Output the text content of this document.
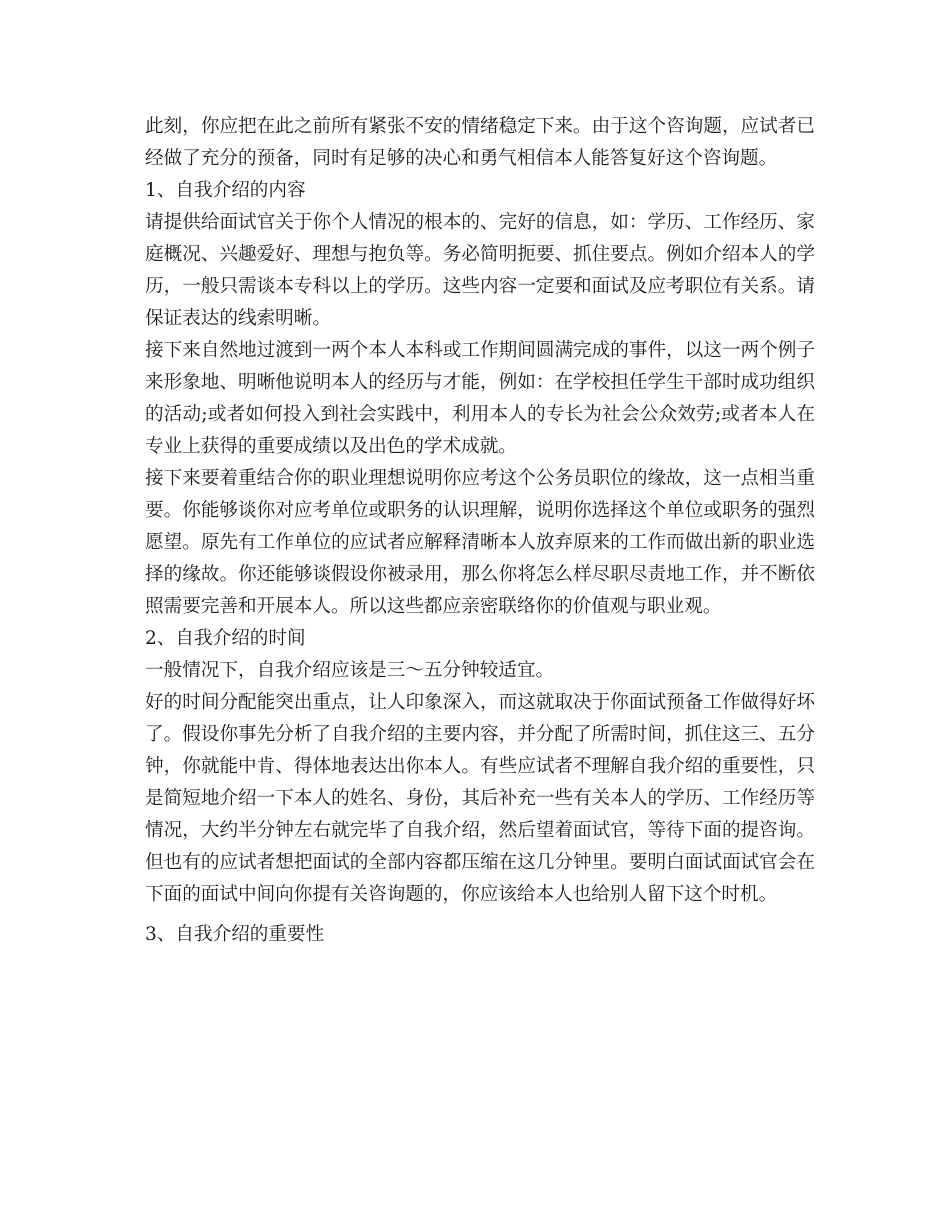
此刻，你应把在此之前所有紧张不安的情绪稳定下来。由于这个咨询题，应试者已经做了充分的预备，同时有足够的决心和勇气相信本人能答复好这个咨询题。

1、自我介绍的内容

请提供给面试官关于你个人情况的根本的、完好的信息，如：学历、工作经历、家庭概况、兴趣爱好、理想与抱负等。务必简明扼要、抓住要点。例如介绍本人的学历，一般只需谈本专科以上的学历。这些内容一定要和面试及应考职位有关系。请保证表达的线索明晰。

接下来自然地过渡到一两个本人本科或工作期间圆满完成的事件，以这一两个例子来形象地、明晰他说明本人的经历与才能，例如：在学校担任学生干部时成功组织的活动;或者如何投入到社会实践中，利用本人的专长为社会公众效劳;或者本人在专业上获得的重要成绩以及出色的学术成就。

接下来要着重结合你的职业理想说明你应考这个公务员职位的缘故，这一点相当重要。你能够谈你对应考单位或职务的认识理解，说明你选择这个单位或职务的强烈愿望。原先有工作单位的应试者应解释清晰本人放弃原来的工作而做出新的职业选择的缘故。你还能够谈假设你被录用，那么你将怎么样尽职尽责地工作，并不断依照需要完善和开展本人。所以这些都应亲密联络你的价值观与职业观。

2、自我介绍的时间

一般情况下，自我介绍应该是三～五分钟较适宜。

好的时间分配能突出重点，让人印象深入，而这就取决于你面试预备工作做得好坏了。假设你事先分析了自我介绍的主要内容，并分配了所需时间，抓住这三、五分钟，你就能中肯、得体地表达出你本人。有些应试者不理解自我介绍的重要性，只是简短地介绍一下本人的姓名、身份，其后补充一些有关本人的学历、工作经历等情况，大约半分钟左右就完毕了自我介绍，然后望着面试官，等待下面的提咨询。但也有的应试者想把面试的全部内容都压缩在这几分钟里。要明白面试面试官会在下面的面试中间向你提有关咨询题的，你应该给本人也给别人留下这个时机。

3、自我介绍的重要性
